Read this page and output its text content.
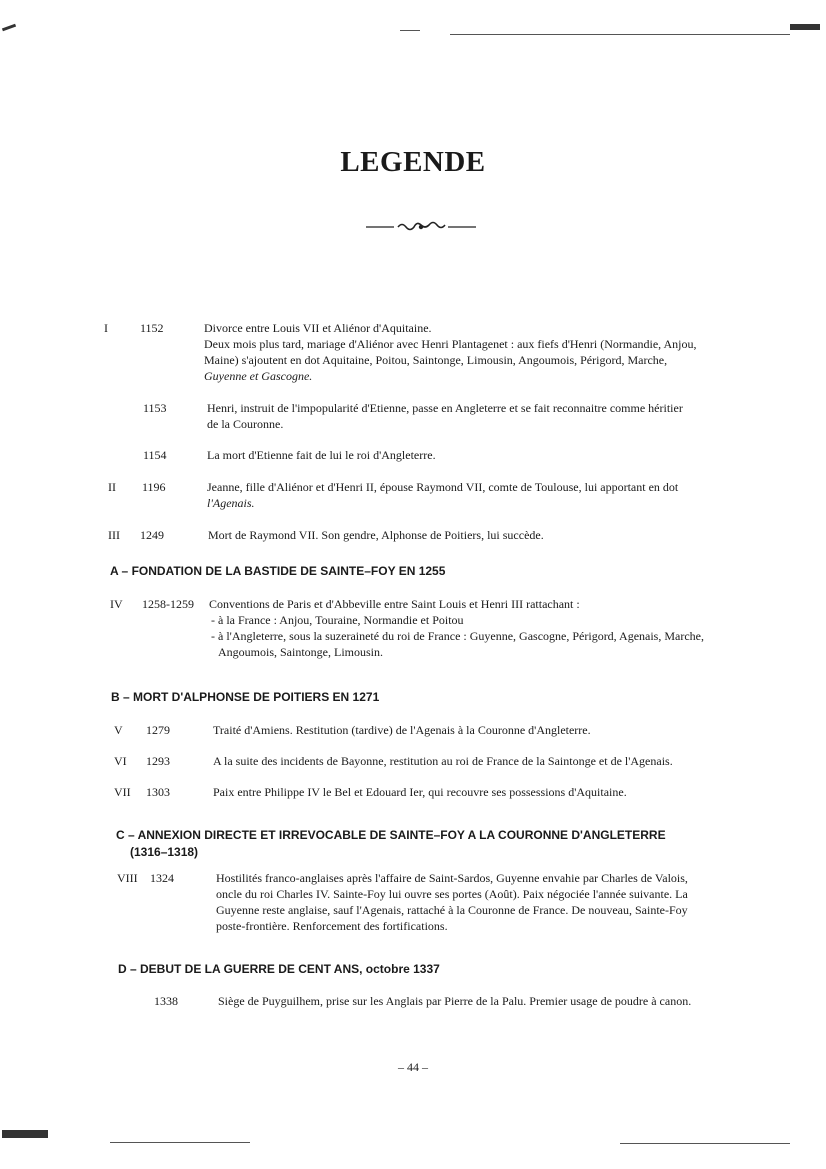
LEGENDE
I	1152	Divorce entre Louis VII et Aliénor d'Aquitaine.
Deux mois plus tard, mariage d'Aliénor avec Henri Plantagenet : aux fiefs d'Henri (Normandie, Anjou,
Maine) s'ajoutent en dot Aquitaine, Poitou, Saintonge, Limousin, Angoumois, Périgord, Marche,
Guyenne et Gascogne.
1153	Henri, instruit de l'impopularité d'Etienne, passe en Angleterre et se fait reconnaitre comme héritier
de la Couronne.
1154	La mort d'Etienne fait de lui le roi d'Angleterre.
II 1196	Jeanne, fille d'Aliénor et d'Henri II, épouse Raymond VII, comte de Toulouse, lui apportant en dot
l'Agenais.
III 1249	Mort de Raymond VII. Son gendre, Alphonse de Poitiers, lui succède.
A – FONDATION DE LA BASTIDE DE SAINTE–FOY EN 1255
IV 1258-1259 Conventions de Paris et d'Abbeville entre Saint Louis et Henri III rattachant :
- à la France : Anjou, Touraine, Normandie et Poitou
- à l'Angleterre, sous la suzeraineté du roi de France : Guyenne, Gascogne, Périgord, Agenais, Marche,
Angoumois, Saintonge, Limousin.
B – MORT D'ALPHONSE DE POITIERS EN 1271
V 1279	Traité d'Amiens. Restitution (tardive) de l'Agenais à la Couronne d'Angleterre.
VI 1293	A la suite des incidents de Bayonne, restitution au roi de France de la Saintonge et de l'Agenais.
VII 1303	Paix entre Philippe IV le Bel et Edouard Ier, qui recouvre ses possessions d'Aquitaine.
C – ANNEXION DIRECTE ET IRREVOCABLE DE SAINTE–FOY A LA COURONNE D'ANGLETERRE
(1316–1318)
VIII 1324	Hostilités franco-anglaises après l'affaire de Saint-Sardos, Guyenne envahie par Charles de Valois,
oncle du roi Charles IV. Sainte-Foy lui ouvre ses portes (Août). Paix négociée l'année suivante. La
Guyenne reste anglaise, sauf l'Agenais, rattaché à la Couronne de France. De nouveau, Sainte-Foy
poste-frontière. Renforcement des fortifications.
D – DEBUT DE LA GUERRE DE CENT ANS, octobre 1337
1338	Siège de Puyguilhem, prise sur les Anglais par Pierre de la Palu. Premier usage de poudre à canon.
– 44 –
